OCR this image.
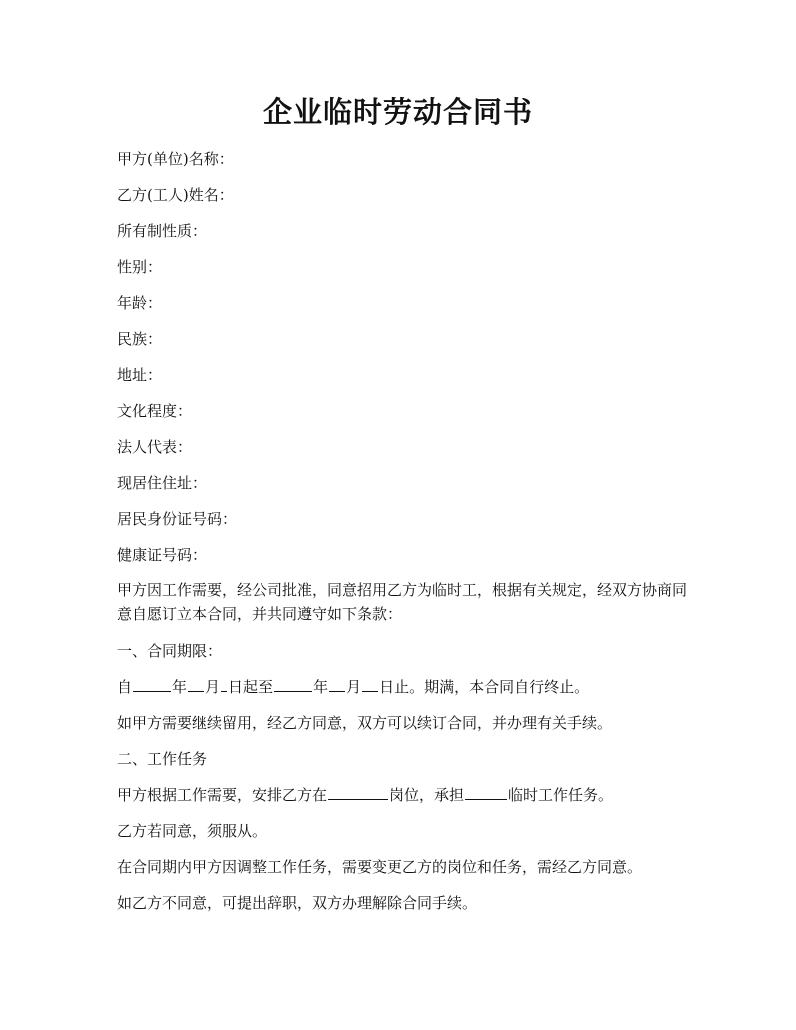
企业临时劳动合同书
甲方(单位)名称：
乙方(工人)姓名：
所有制性质：
性别：
年龄：
民族：
地址：
文化程度：
法人代表：
现居住住址：
居民身份证号码：
健康证号码：
甲方因工作需要，经公司批准，同意招用乙方为临时工，根据有关规定，经双方协商同意自愿订立本合同，并共同遵守如下条款：
一、合同期限：
自	年 月 日起至	年 月 日止。期满，本合同自行终止。
如甲方需要继续留用，经乙方同意，双方可以续订合同，并办理有关手续。
二、工作任务
甲方根据工作需要，安排乙方在	岗位，承担	临时工作任务。
乙方若同意，须服从。
在合同期内甲方因调整工作任务，需要变更乙方的岗位和任务，需经乙方同意。
如乙方不同意，可提出辞职，双方办理解除合同手续。
